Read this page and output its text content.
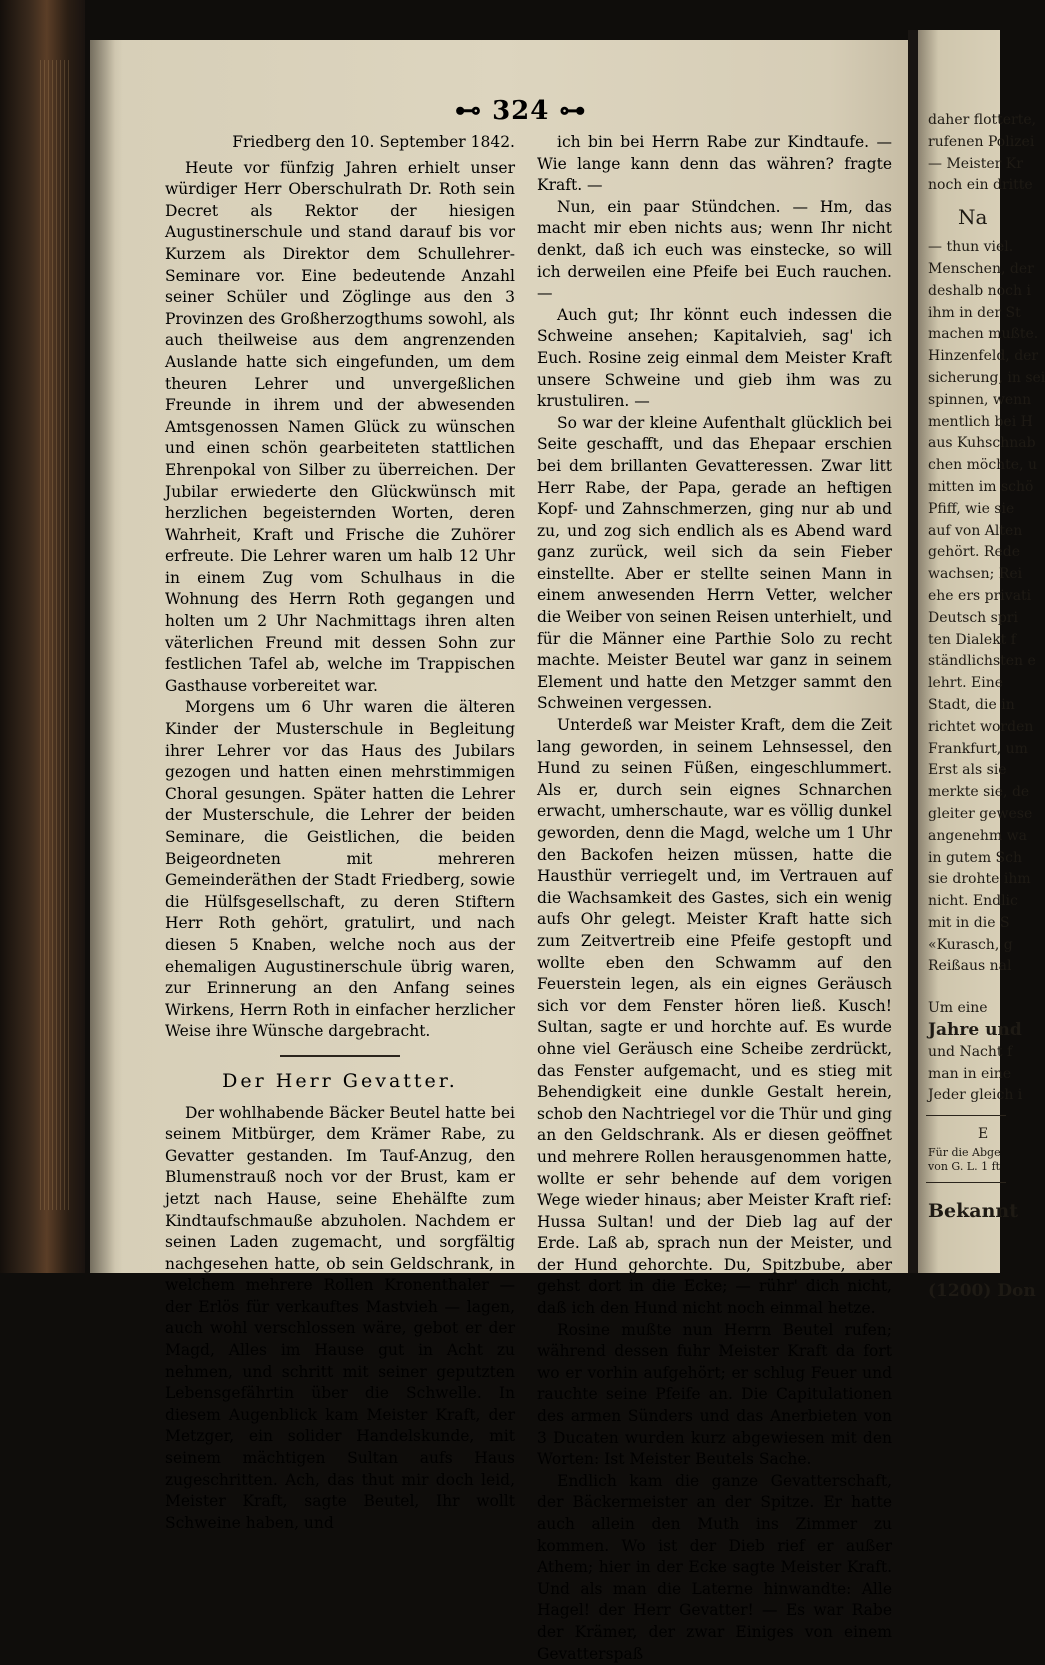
⊷ 324 ⊶

Friedberg den 10. September 1842.

Heute vor fünfzig Jahren erhielt unser würdiger Herr Oberschulrath Dr. Roth sein Decret als Rektor der hiesigen Augustinerschule und stand darauf bis vor Kurzem als Direktor dem Schullehrer-Seminare vor. Eine bedeutende Anzahl seiner Schüler und Zöglinge aus den 3 Provinzen des Großherzogthums sowohl, als auch theilweise aus dem angrenzenden Auslande hatte sich eingefunden, um dem theuren Lehrer und unvergeßlichen Freunde in ihrem und der abwesenden Amtsgenossen Namen Glück zu wünschen und einen schön gearbeiteten stattlichen Ehrenpokal von Silber zu überreichen. Der Jubilar erwiederte den Glückwünsch mit herzlichen begeisternden Worten, deren Wahrheit, Kraft und Frische die Zuhörer erfreute. Die Lehrer waren um halb 12 Uhr in einem Zug vom Schulhaus in die Wohnung des Herrn Roth gegangen und holten um 2 Uhr Nachmittags ihren alten väterlichen Freund mit dessen Sohn zur festlichen Tafel ab, welche im Trappischen Gasthause vorbereitet war.

Morgens um 6 Uhr waren die älteren Kinder der Musterschule in Begleitung ihrer Lehrer vor das Haus des Jubilars gezogen und hatten einen mehrstimmigen Choral gesungen. Später hatten die Lehrer der Musterschule, die Lehrer der beiden Seminare, die Geistlichen, die beiden Beigeordneten mit mehreren Gemeinderäthen der Stadt Friedberg, sowie die Hülfsgesellschaft, zu deren Stiftern Herr Roth gehört, gratulirt, und nach diesen 5 Knaben, welche noch aus der ehemaligen Augustinerschule übrig waren, zur Erinnerung an den Anfang seines Wirkens, Herrn Roth in einfacher herzlicher Weise ihre Wünsche dargebracht.

Der Herr Gevatter.

Der wohlhabende Bäcker Beutel hatte bei seinem Mitbürger, dem Krämer Rabe, zu Gevatter gestanden. Im Tauf-Anzug, den Blumenstrauß noch vor der Brust, kam er jetzt nach Hause, seine Ehehälfte zum Kindtaufschmauße abzuholen. Nachdem er seinen Laden zugemacht, und sorgfältig nachgesehen hatte, ob sein Geldschrank, in welchem mehrere Rollen Kronenthaler — der Erlös für verkauftes Mastvieh — lagen, auch wohl verschlossen wäre, gebot er der Magd, Alles im Hause gut in Acht zu nehmen, und schritt mit seiner geputzten Lebensgefährtin über die Schwelle. In diesem Augenblick kam Meister Kraft, der Metzger, ein solider Handelskunde, mit seinem mächtigen Sultan aufs Haus zugeschritten. Ach, das thut mir doch leid, Meister Kraft, sagte Beutel, Ihr wollt Schweine haben, und

ich bin bei Herrn Rabe zur Kindtaufe. — Wie lange kann denn das währen? fragte Kraft. —

Nun, ein paar Stündchen. — Hm, das macht mir eben nichts aus; wenn Ihr nicht denkt, daß ich euch was einstecke, so will ich derweilen eine Pfeife bei Euch rauchen. —

Auch gut; Ihr könnt euch indessen die Schweine ansehen; Kapitalvieh, sag' ich Euch. Rosine zeig einmal dem Meister Kraft unsere Schweine und gieb ihm was zu krustuliren. —

So war der kleine Aufenthalt glücklich bei Seite geschafft, und das Ehepaar erschien bei dem brillanten Gevatteressen. Zwar litt Herr Rabe, der Papa, gerade an heftigen Kopf- und Zahnschmerzen, ging nur ab und zu, und zog sich endlich als es Abend ward ganz zurück, weil sich da sein Fieber einstellte. Aber er stellte seinen Mann in einem anwesenden Herrn Vetter, welcher die Weiber von seinen Reisen unterhielt, und für die Männer eine Parthie Solo zu recht machte. Meister Beutel war ganz in seinem Element und hatte den Metzger sammt den Schweinen vergessen.

Unterdeß war Meister Kraft, dem die Zeit lang geworden, in seinem Lehnsessel, den Hund zu seinen Füßen, eingeschlummert. Als er, durch sein eignes Schnarchen erwacht, umherschaute, war es völlig dunkel geworden, denn die Magd, welche um 1 Uhr den Backofen heizen müssen, hatte die Hausthür verriegelt und, im Vertrauen auf die Wachsamkeit des Gastes, sich ein wenig aufs Ohr gelegt. Meister Kraft hatte sich zum Zeitvertreib eine Pfeife gestopft und wollte eben den Schwamm auf den Feuerstein legen, als ein eignes Geräusch sich vor dem Fenster hören ließ. Kusch! Sultan, sagte er und horchte auf. Es wurde ohne viel Geräusch eine Scheibe zerdrückt, das Fenster aufgemacht, und es stieg mit Behendigkeit eine dunkle Gestalt herein, schob den Nachtriegel vor die Thür und ging an den Geldschrank. Als er diesen geöffnet und mehrere Rollen herausgenommen hatte, wollte er sehr behende auf dem vorigen Wege wieder hinaus; aber Meister Kraft rief: Hussa Sultan! und der Dieb lag auf der Erde. Laß ab, sprach nun der Meister, und der Hund gehorchte. Du, Spitzbube, aber gehst dort in die Ecke; — rühr' dich nicht, daß ich den Hund nicht noch einmal hetze.

Rosine mußte nun Herrn Beutel rufen; während dessen fuhr Meister Kraft da fort wo er vorhin aufgehört; er schlug Feuer und rauchte seine Pfeife an. Die Capitulationen des armen Sünders und das Anerbieten von 3 Ducaten wurden kurz abgewiesen mit den Worten: Ist Meister Beutels Sache.

Endlich kam die ganze Gevatterschaft, der Bäckermeister an der Spitze. Er hatte auch allein den Muth ins Zimmer zu kommen. Wo ist der Dieb rief er außer Athem; hier in der Ecke sagte Meister Kraft. Und als man die Laterne hinwandte: Alle Hagel! der Herr Gevatter! — Es war Rabe der Krämer, der zwar Einiges von einem Gevatterspaß

daher flotterte,
rufenen Polizei
— Meister Kr
noch ein dritte
Na
— thun viel.
Menschen, der
deshalb noch i
ihm in der St
machen mußte.
Hinzenfeld, der
sicherung, in sei
spinnen, wenn
mentlich bei H
aus Kuhschnab
chen möchte, u
mitten im schö
Pfiff, wie sie
auf von Alten
gehört. Rede
wachsen; Rei
ehe ers privati
Deutsch spri
ten Dialekt f
ständlichsten e
lehrt. Eine
Stadt, die in
richtet worden
Frankfurt, um
Erst als sie
merkte sie, de
gleiter gewese
angenehm wa
in gutem Sch
sie drohte ihm
nicht. Endlic
mit in die S
«Kurasch, g
Reißaus nal
Um eine
Jahre und
und Nacht f
man in eine
Jeder gleich i
E
Für die Abge
von G. L. 1 ft
Bekannt
(1200) Don
